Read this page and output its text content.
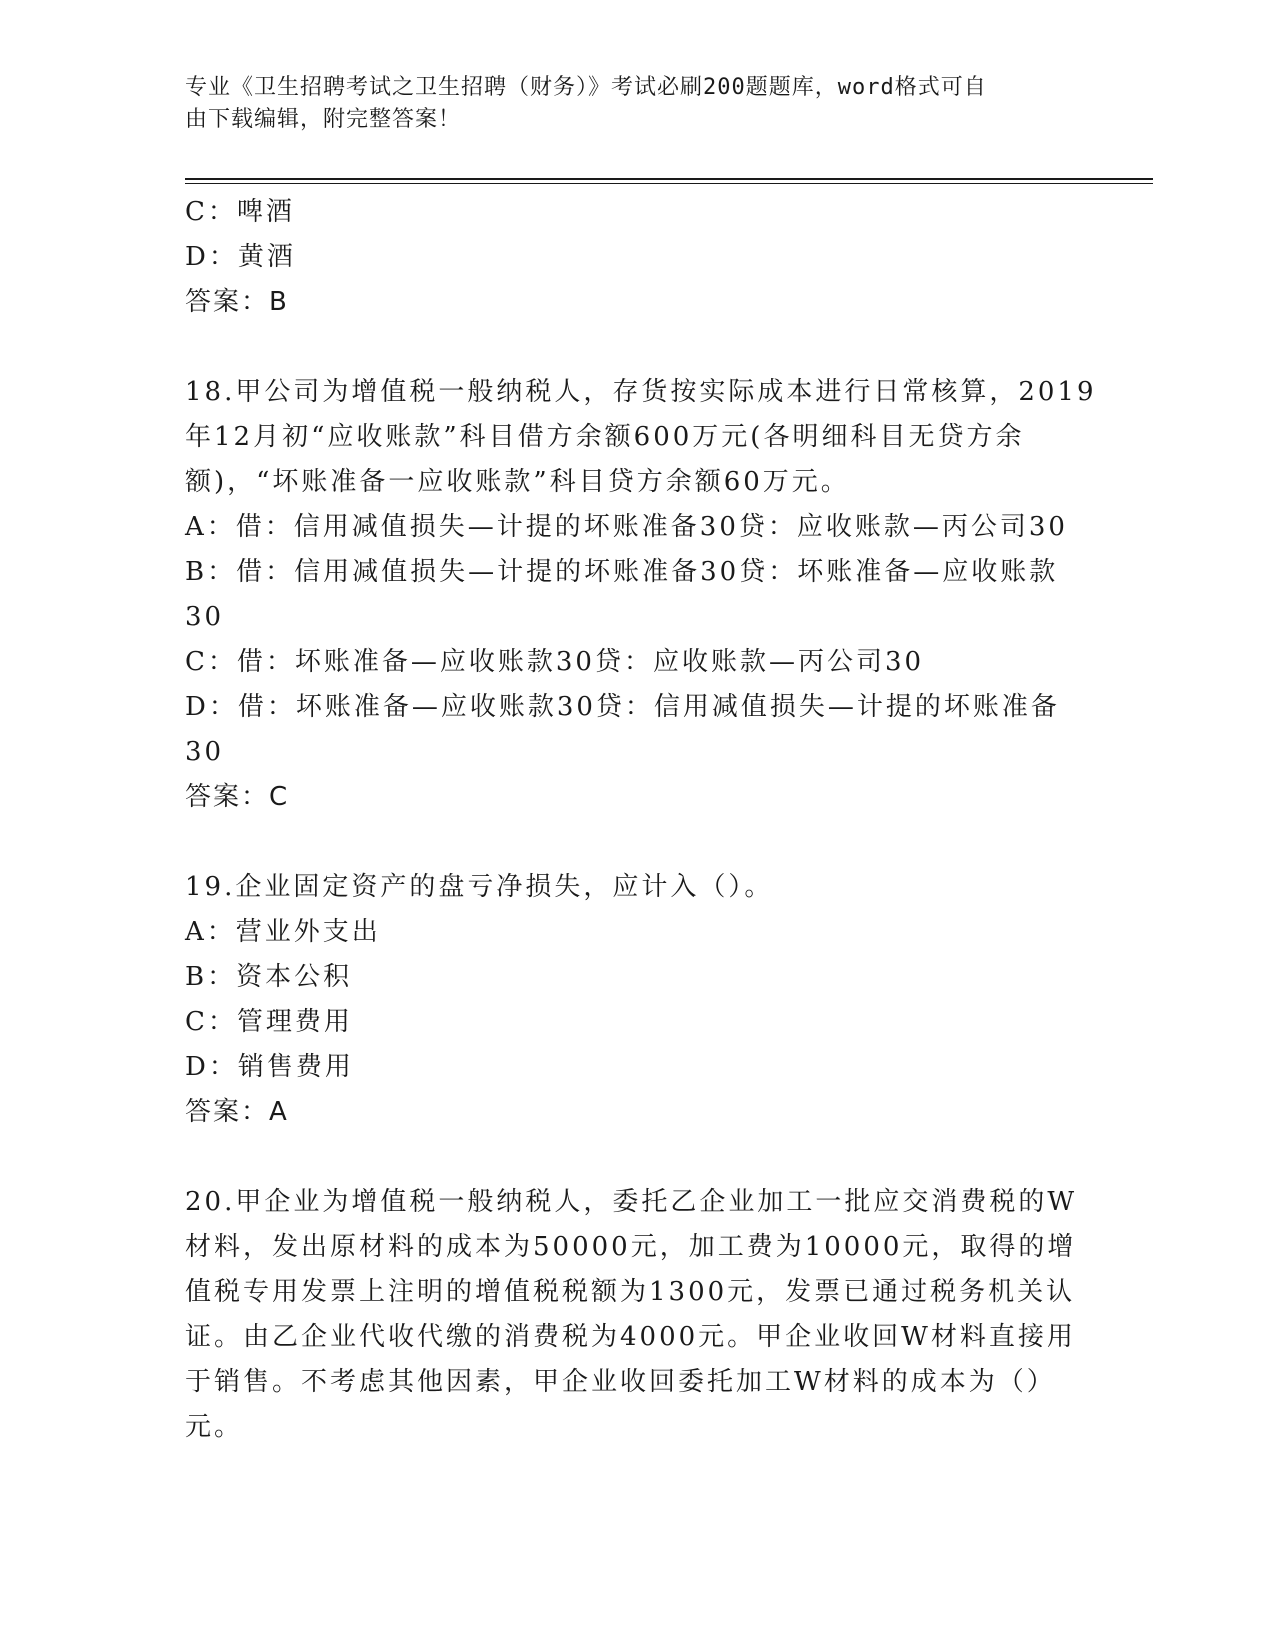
专业《卫生招聘考试之卫生招聘（财务）》考试必刷200题题库，word格式可自
由下载编辑，附完整答案！
C：啤酒
D：黄酒
答案：B
18.甲公司为增值税一般纳税人，存货按实际成本进行日常核算，2019
年12月初“应收账款”科目借方余额600万元(各明细科目无贷方余
额)，“坏账准备一应收账款”科目贷方余额60万元。
A：借：信用减值损失—计提的坏账准备30贷：应收账款—丙公司30
B：借：信用减值损失—计提的坏账准备30贷：坏账准备—应收账款
30
C：借：坏账准备—应收账款30贷：应收账款—丙公司30
D：借：坏账准备—应收账款30贷：信用减值损失—计提的坏账准备
30
答案：C
19.企业固定资产的盘亏净损失，应计入（）。
A：营业外支出
B：资本公积
C：管理费用
D：销售费用
答案：A
20.甲企业为增值税一般纳税人，委托乙企业加工一批应交消费税的W
材料，发出原材料的成本为50000元，加工费为10000元，取得的增
值税专用发票上注明的增值税税额为1300元，发票已通过税务机关认
证。由乙企业代收代缴的消费税为4000元。甲企业收回W材料直接用
于销售。不考虑其他因素，甲企业收回委托加工W材料的成本为（）
元。
